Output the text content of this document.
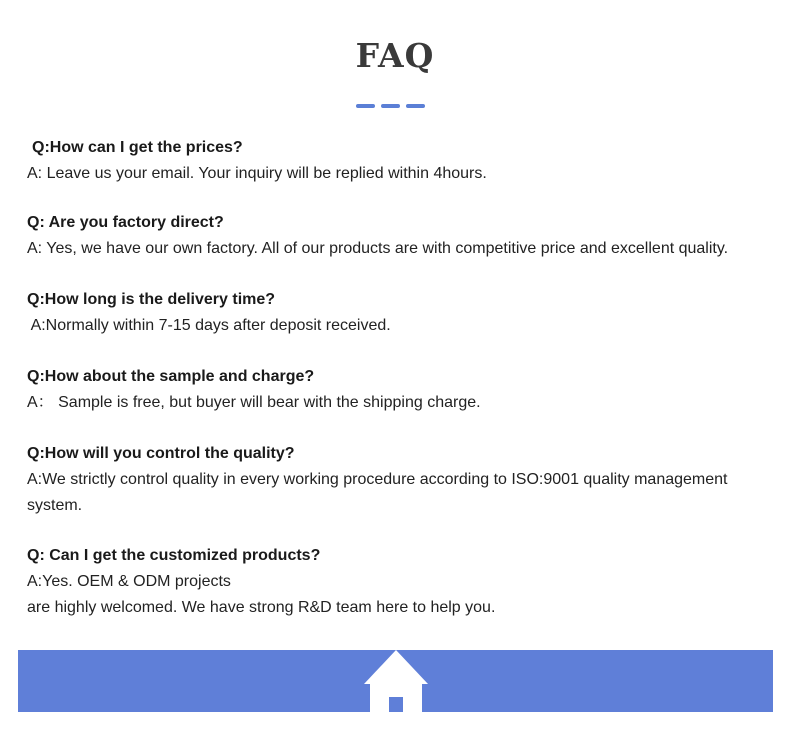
FAQ
Q:How can I get the prices?
A: Leave us your email. Your inquiry will be replied within 4hours.
Q: Are you factory direct?
A: Yes, we have our own factory. All of our products are with competitive price and excellent quality.
Q:How long is the delivery time?
A:Normally within 7-15 days after deposit received.
Q:How about the sample and charge?
A： Sample is free, but buyer will bear with the shipping charge.
Q:How will you control the quality?
A:We strictly control quality in every working procedure according to ISO:9001 quality management system.
Q: Can I get the customized products?
A:Yes. OEM & ODM projects
are highly welcomed. We have strong R&D team here to help you.
